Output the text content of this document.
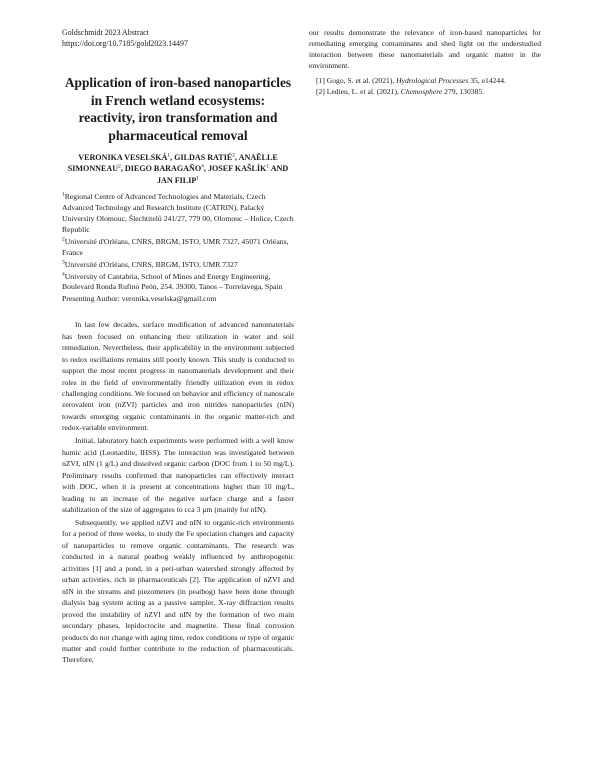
Goldschmidt 2023 Abstract
https://doi.org/10.7185/gold2023.14497
Application of iron-based nanoparticles in French wetland ecosystems: reactivity, iron transformation and pharmaceutical removal
VERONIKA VESELSKÁ$^1$, GILDAS RATIÉ$^2$, ANAËLLE SIMONNEAU$^2$, DIEGO BARAGAÑO$^4$, JOSEF KAŠLÍK$^1$ AND JAN FILIP$^1$
$^1$Regional Centre of Advanced Technologies and Materials, Czech Advanced Technology and Research Institute (CATRIN), Palacký University Olomouc, Šlechtitelů 241/27, 779 00, Olomouc – Holice, Czech Republic
$^2$Université d'Orléans, CNRS, BRGM, ISTO, UMR 7327, 45071 Orléans, France
$^3$Université d'Orléans, CNRS, BRGM, ISTO, UMR 7327
$^4$University of Cantabria, School of Mines and Energy Engineering, Boulevard Ronda Rufino Peón, 254. 39300, Tanos – Torrelavega, Spain
Presenting Author: veronika.veselska@gmail.com

In last few decades, surface modification of advanced nanomaterials has been focused on enhancing their utilization in water and soil remediation. Nevertheless, their applicability in the environment subjected to redox oscillations remains still poorly known. This study is conducted to support the most recent progress in nanomaterials development and their roles in the field of environmentally friendly utilization even in redox challenging conditions. We focused on behavior and efficiency of nanoscale zerovalent iron (nZVI) particles and iron nitrides nanoparticles (nIN) towards emerging organic contaminants in the organic matter-rich and redox-variable environment.

Initial, laboratory batch experiments were performed with a well know humic acid (Leonardite, IHSS). The interaction was investigated between nZVI, nIN (1 g/L) and dissolved organic carbon (DOC from 1 to 50 mg/L). Preliminary results confirmed that nanoparticles can effectively interact with DOC, when it is present at concentrations higher than 10 mg/L, leading to an increase of the negative surface charge and a faster stabilization of the size of aggregates to cca 3 µm (mainly for nIN).

Subsequently, we applied nZVI and nIN to organic-rich environments for a period of three weeks, to study the Fe speciation changes and capacity of nanoparticles to remove organic contaminants. The research was conducted in a natural peatbog weakly influenced by anthropogenic activities [1] and a pond, in a peri-urban watershed strongly affected by urban activities, rich in pharmaceuticals [2]. The application of nZVI and nIN in the streams and piezometers (in peatbog) have been done through dialysis bag system acting as a passive sampler. X-ray diffraction results proved the instability of nZVI and nIN by the formation of two main secondary phases, lepidocrocite and magnetite. These final corrosion products do not change with aging time, redox conditions or type of organic matter and could further contribute to the reduction of pharmaceuticals. Therefore,

our results demonstrate the relevance of iron-based nanoparticles for remediating emerging contaminants and shed light on the understudied interaction between these nanomaterials and organic matter in the environment.

[1] Gogo, S. et al. (2021), Hydrological Processes 35, e14244.

[2] Ledieu, L. et al. (2021), Chemosphere 279, 130385.
